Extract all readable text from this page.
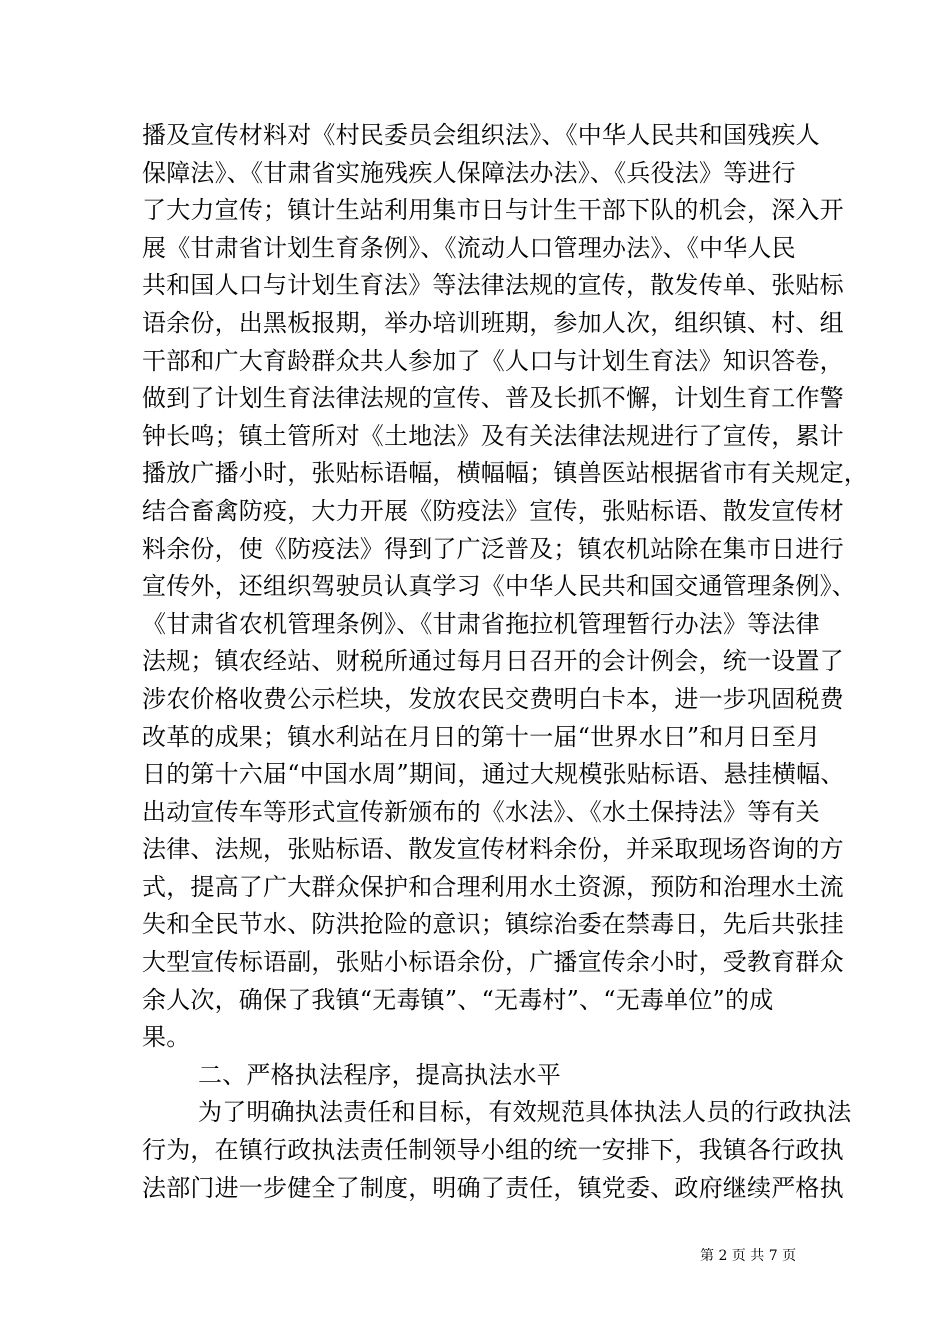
播及宣传材料对《村民委员会组织法》、《中华人民共和国残疾人
保障法》、《甘肃省实施残疾人保障法办法》、《兵役法》等进行
了大力宣传；镇计生站利用集市日与计生干部下队的机会，深入开
展《甘肃省计划生育条例》、《流动人口管理办法》、《中华人民
共和国人口与计划生育法》等法律法规的宣传，散发传单、张贴标
语余份，出黑板报期，举办培训班期，参加人次，组织镇、村、组
干部和广大育龄群众共人参加了《人口与计划生育法》知识答卷，
做到了计划生育法律法规的宣传、普及长抓不懈，计划生育工作警
钟长鸣；镇土管所对《土地法》及有关法律法规进行了宣传，累计
播放广播小时，张贴标语幅，横幅幅；镇兽医站根据省市有关规定，
结合畜禽防疫，大力开展《防疫法》宣传，张贴标语、散发宣传材
料余份，使《防疫法》得到了广泛普及；镇农机站除在集市日进行
宣传外，还组织驾驶员认真学习《中华人民共和国交通管理条例》、
《甘肃省农机管理条例》、《甘肃省拖拉机管理暂行办法》等法律
法规；镇农经站、财税所通过每月日召开的会计例会，统一设置了
涉农价格收费公示栏块，发放农民交费明白卡本，进一步巩固税费
改革的成果；镇水利站在月日的第十一届“世界水日”和月日至月
日的第十六届“中国水周”期间，通过大规模张贴标语、悬挂横幅、
出动宣传车等形式宣传新颁布的《水法》、《水土保持法》等有关
法律、法规，张贴标语、散发宣传材料余份，并采取现场咨询的方
式，提高了广大群众保护和合理利用水土资源，预防和治理水土流
失和全民节水、防洪抢险的意识；镇综治委在禁毒日，先后共张挂
大型宣传标语副，张贴小标语余份，广播宣传余小时，受教育群众
余人次，确保了我镇“无毒镇”、“无毒村”、“无毒单位”的成
果。
二、严格执法程序，提高执法水平
为了明确执法责任和目标，有效规范具体执法人员的行政执法
行为，在镇行政执法责任制领导小组的统一安排下，我镇各行政执
法部门进一步健全了制度，明确了责任，镇党委、政府继续严格执
第 2 页 共 7 页
